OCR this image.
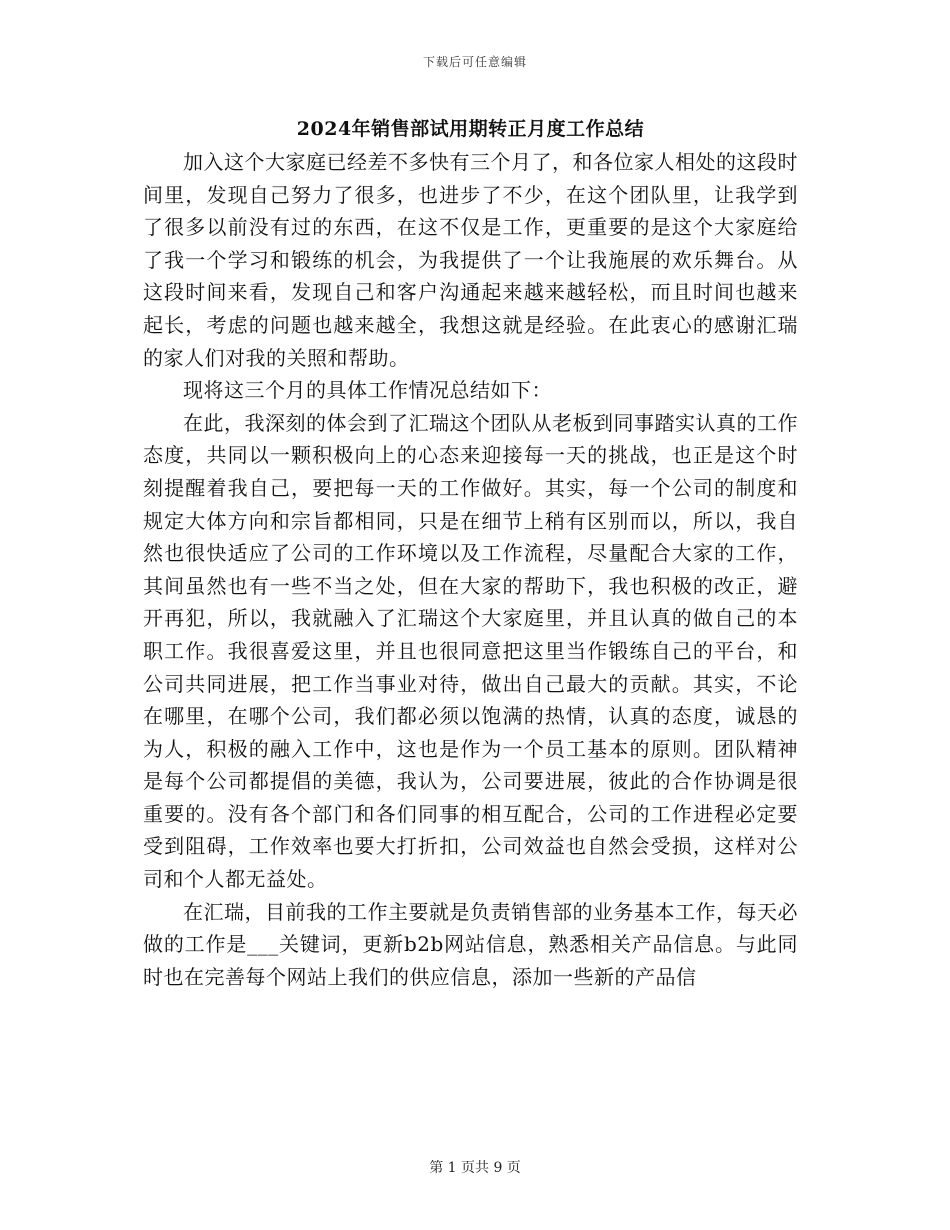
下载后可任意编辑
2024年销售部试用期转正月度工作总结

加入这个大家庭已经差不多快有三个月了，和各位家人相处的这段时间里，发现自己努力了很多，也进步了不少，在这个团队里，让我学到了很多以前没有过的东西，在这不仅是工作，更重要的是这个大家庭给了我一个学习和锻练的机会，为我提供了一个让我施展的欢乐舞台。从这段时间来看，发现自己和客户沟通起来越来越轻松，而且时间也越来起长，考虑的问题也越来越全，我想这就是经验。在此衷心的感谢汇瑞的家人们对我的关照和帮助。

现将这三个月的具体工作情况总结如下：

在此，我深刻的体会到了汇瑞这个团队从老板到同事踏实认真的工作态度，共同以一颗积极向上的心态来迎接每一天的挑战，也正是这个时刻提醒着我自己，要把每一天的工作做好。其实，每一个公司的制度和规定大体方向和宗旨都相同，只是在细节上稍有区别而以，所以，我自然也很快适应了公司的工作环境以及工作流程，尽量配合大家的工作，其间虽然也有一些不当之处，但在大家的帮助下，我也积极的改正，避开再犯，所以，我就融入了汇瑞这个大家庭里，并且认真的做自己的本职工作。我很喜爱这里，并且也很同意把这里当作锻练自己的平台，和公司共同进展，把工作当事业对待，做出自己最大的贡献。其实，不论在哪里，在哪个公司，我们都必须以饱满的热情，认真的态度，诚恳的为人，积极的融入工作中，这也是作为一个员工基本的原则。团队精神是每个公司都提倡的美德，我认为，公司要进展，彼此的合作协调是很重要的。没有各个部门和各们同事的相互配合，公司的工作进程必定要受到阻碍，工作效率也要大打折扣，公司效益也自然会受损，这样对公司和个人都无益处。

在汇瑞，目前我的工作主要就是负责销售部的业务基本工作，每天必做的工作是___关键词，更新b2b网站信息，熟悉相关产品信息。与此同时也在完善每个网站上我们的供应信息，添加一些新的产品信

第 1 页共 9 页
